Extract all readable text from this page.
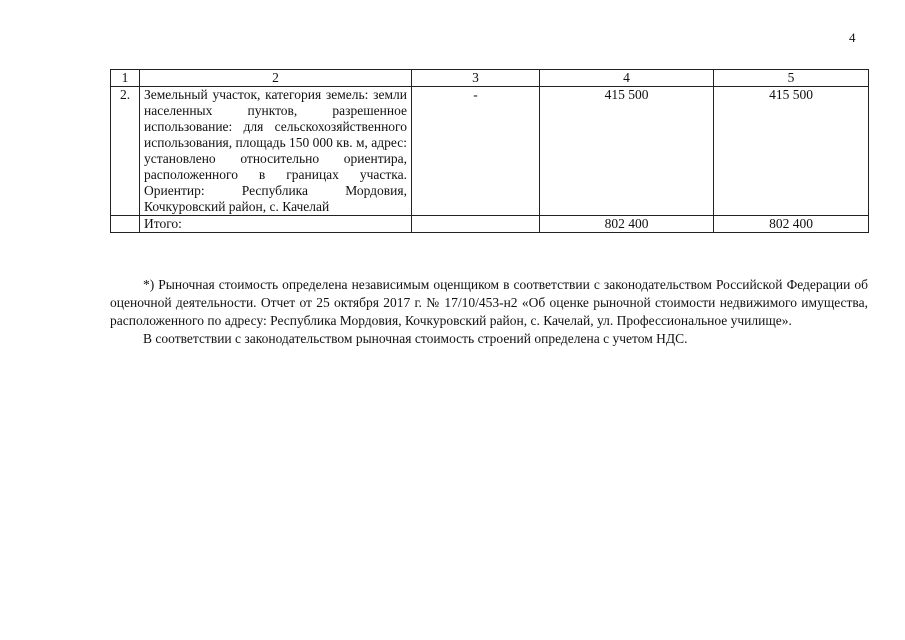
4
1	2	3	4	5
2.	Земельный участок, категория земель: земли населенных пунктов, разрешенное использование: для сельскохозяйственного использования, площадь 150 000 кв. м, адрес: установлено относительно ориентира, расположенного в границах участка. Ориентир: Республика Мордовия, Кочкуровский район, с. Качелай	-	415 500	415 500
	Итого:		802 400	802 400

*) Рыночная стоимость определена независимым оценщиком в соответствии с законодательством Российской Федерации об оценочной деятельности. Отчет от 25 октября 2017 г. № 17/10/453-н2 «Об оценке рыночной стоимости недвижимого имущества, расположенного по адресу: Республика Мордовия, Кочкуровский район, с. Качелай, ул. Профессиональное училище».

В соответствии с законодательством рыночная стоимость строений определена с учетом НДС.
